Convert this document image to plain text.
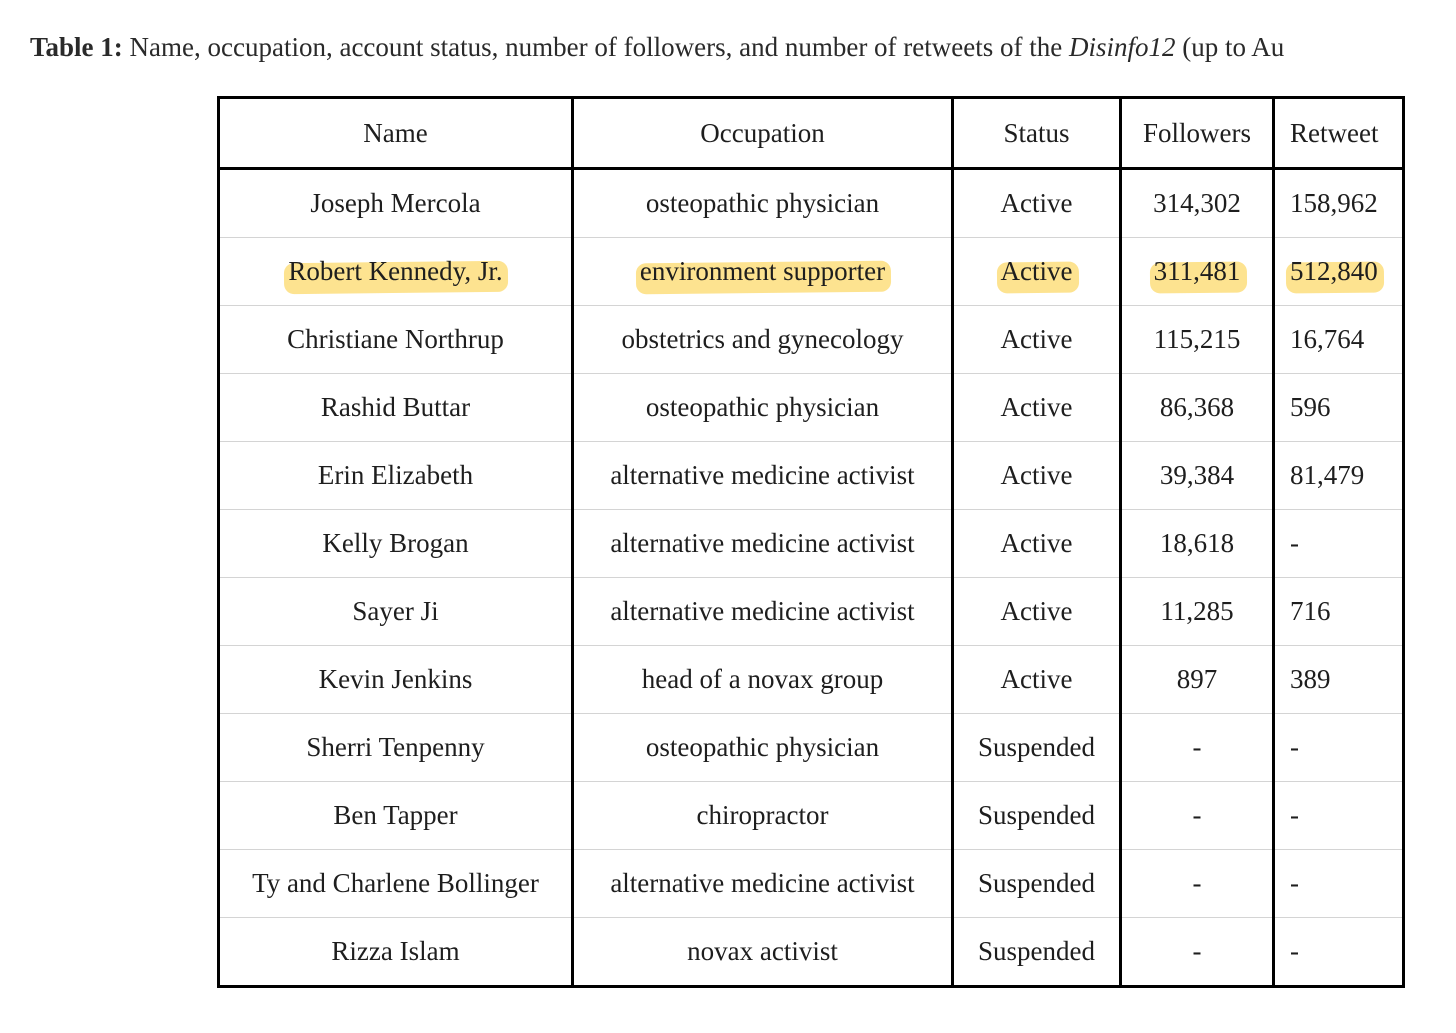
Table 1: Name, occupation, account status, number of followers, and number of retweets of the Disinfo12 (up to Au
Name	Occupation	Status	Followers	Retweet
Joseph Mercola	osteopathic physician	Active	314,302	158,962
Robert Kennedy, Jr.	environment supporter	Active	311,481	512,840
Christiane Northrup	obstetrics and gynecology	Active	115,215	16,764
Rashid Buttar	osteopathic physician	Active	86,368	596
Erin Elizabeth	alternative medicine activist	Active	39,384	81,479
Kelly Brogan	alternative medicine activist	Active	18,618	-
Sayer Ji	alternative medicine activist	Active	11,285	716
Kevin Jenkins	head of a novax group	Active	897	389
Sherri Tenpenny	osteopathic physician	Suspended	-	-
Ben Tapper	chiropractor	Suspended	-	-
Ty and Charlene Bollinger	alternative medicine activist	Suspended	-	-
Rizza Islam	novax activist	Suspended	-	-
